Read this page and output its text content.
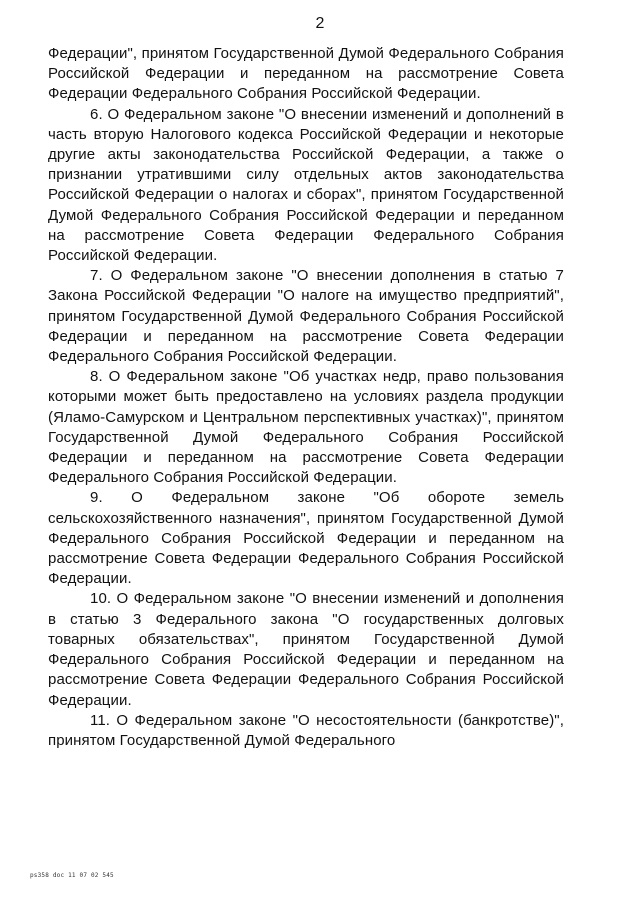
2

Федерации", принятом Государственной Думой Федерального Собрания Российской Федерации и переданном на рассмотрение Совета Федерации Федерального Собрания Российской Федерации.

6. О Федеральном законе "О внесении изменений и дополнений в часть вторую Налогового кодекса Российской Федерации и некоторые другие акты законодательства Российской Федерации, а также о признании утратившими силу отдельных актов законодательства Российской Федерации о налогах и сборах", принятом Государственной Думой Федерального Собрания Российской Федерации и переданном на рассмотрение Совета Федерации Федерального Собрания Российской Федерации.

7. О Федеральном законе "О внесении дополнения в статью 7 Закона Российской Федерации "О налоге на имущество предприятий", принятом Государственной Думой Федерального Собрания Российской Федерации и переданном на рассмотрение Совета Федерации Федерального Собрания Российской Федерации.

8. О Федеральном законе "Об участках недр, право пользования которыми может быть предоставлено на условиях раздела продукции (Яламо-Самурском и Центральном перспективных участках)", принятом Государственной Думой Федерального Собрания Российской Федерации и переданном на рассмотрение Совета Федерации Федерального Собрания Российской Федерации.

9. О Федеральном законе "Об обороте земель сельскохозяйственного назначения", принятом Государственной Думой Федерального Собрания Российской Федерации и переданном на рассмотрение Совета Федерации Федерального Собрания Российской Федерации.

10. О Федеральном законе "О внесении изменений и дополнения в статью 3 Федерального закона "О государственных долговых товарных обязательствах", принятом Государственной Думой Федерального Собрания Российской Федерации и переданном на рассмотрение Совета Федерации Федерального Собрания Российской Федерации.

11. О Федеральном законе "О несостоятельности (банкротстве)", принятом Государственной Думой Федерального

ps358 doc 11 07 02 545
